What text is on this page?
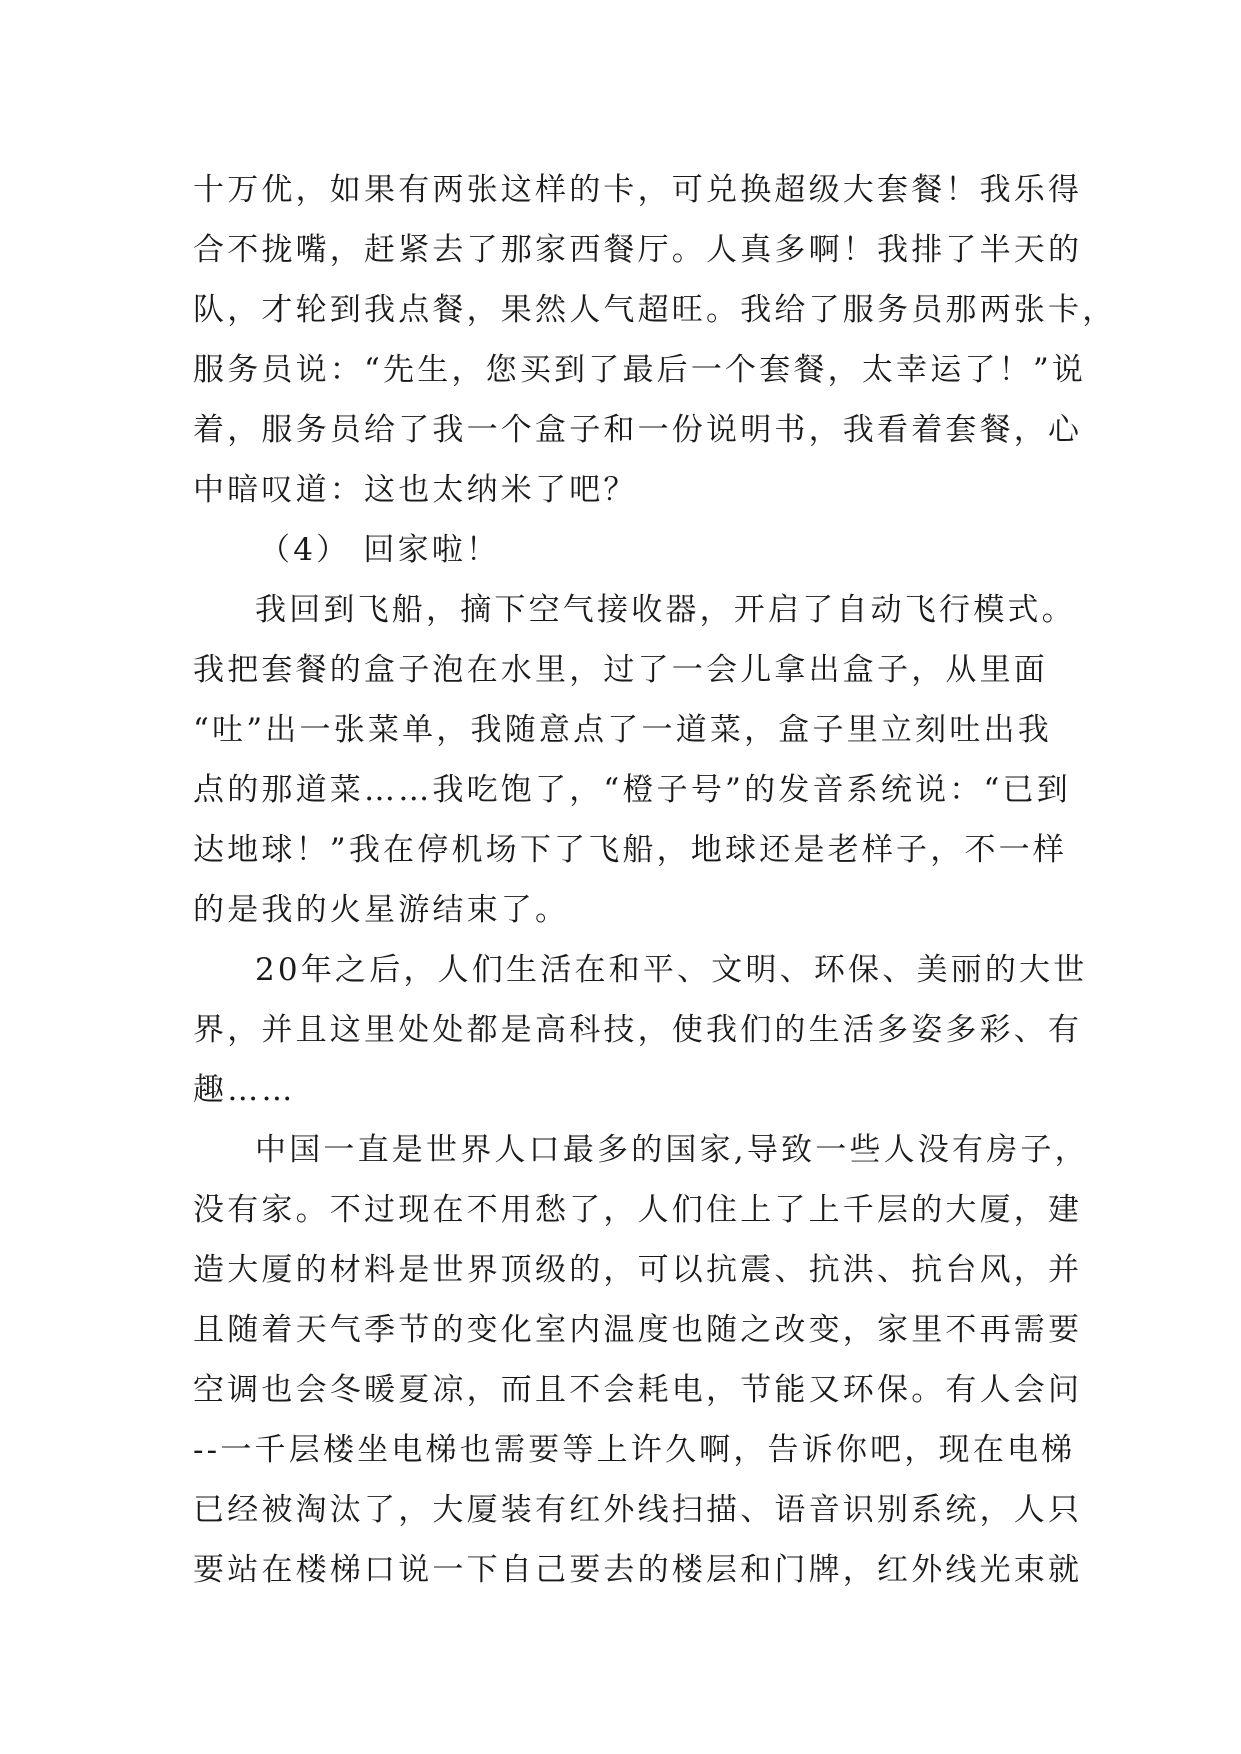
十万优，如果有两张这样的卡，可兑换超级大套餐！我乐得
合不拢嘴，赶紧去了那家西餐厅。人真多啊！我排了半天的
队，才轮到我点餐，果然人气超旺。我给了服务员那两张卡，
服务员说：“先生，您买到了最后一个套餐，太幸运了！”说
着，服务员给了我一个盒子和一份说明书，我看着套餐，心
中暗叹道：这也太纳米了吧？
（4） 回家啦！
我回到飞船，摘下空气接收器，开启了自动飞行模式。
我把套餐的盒子泡在水里，过了一会儿拿出盒子，从里面
“吐”出一张菜单，我随意点了一道菜，盒子里立刻吐出我
点的那道菜……我吃饱了，“橙子号”的发音系统说：“已到
达地球！”我在停机场下了飞船，地球还是老样子，不一样
的是我的火星游结束了。
20年之后，人们生活在和平、文明、环保、美丽的大世
界，并且这里处处都是高科技，使我们的生活多姿多彩、有
趣……
中国一直是世界人口最多的国家,导致一些人没有房子，
没有家。不过现在不用愁了，人们住上了上千层的大厦，建
造大厦的材料是世界顶级的，可以抗震、抗洪、抗台风，并
且随着天气季节的变化室内温度也随之改变，家里不再需要
空调也会冬暖夏凉，而且不会耗电，节能又环保。有人会问
--一千层楼坐电梯也需要等上许久啊，告诉你吧，现在电梯
已经被淘汰了，大厦装有红外线扫描、语音识别系统，人只
要站在楼梯口说一下自己要去的楼层和门牌，红外线光束就
